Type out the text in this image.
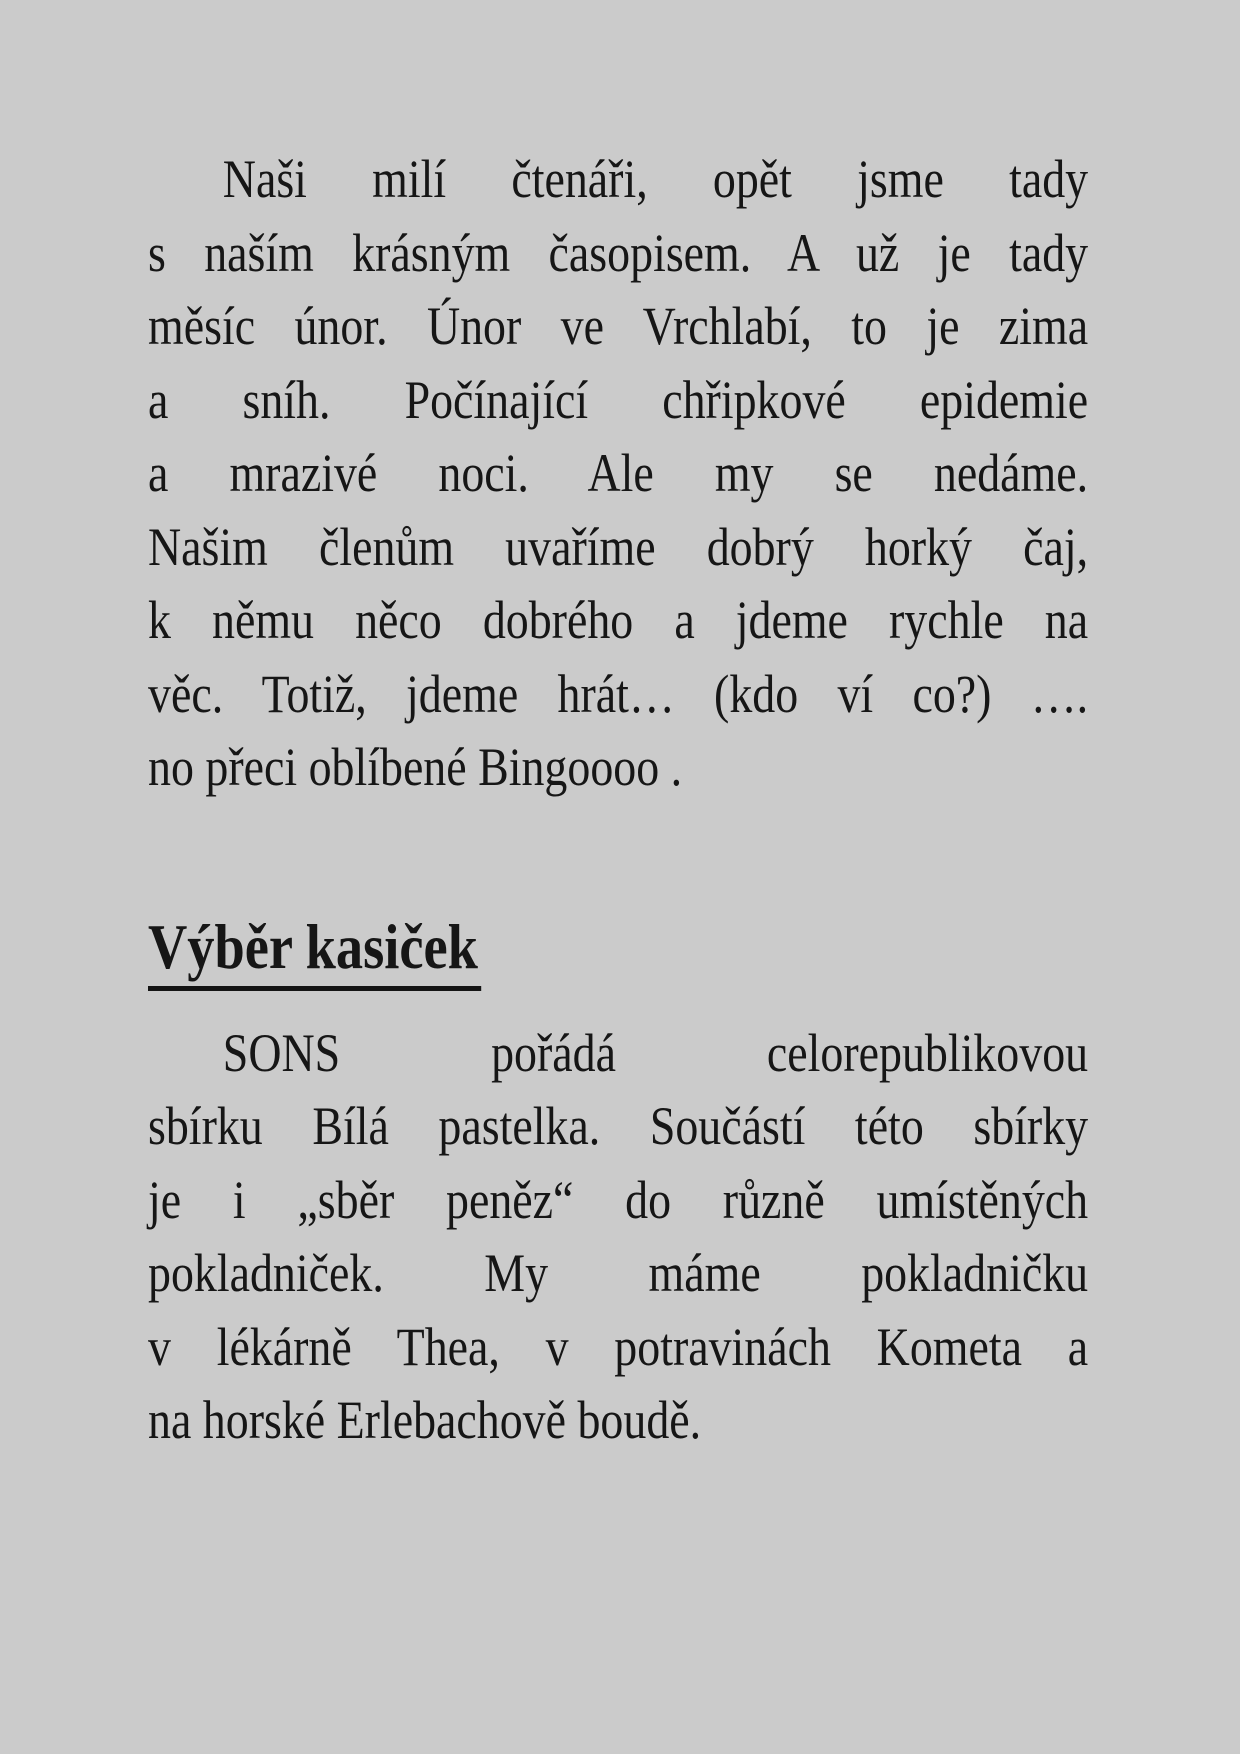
Naši milí čtenáři, opět jsme tady
s naším krásným časopisem. A už je tady
měsíc únor. Únor ve Vrchlabí, to je zima
a sníh. Počínající chřipkové epidemie
a mrazivé noci. Ale my se nedáme.
Našim členům uvaříme dobrý horký čaj,
k němu něco dobrého a jdeme rychle na
věc. Totiž, jdeme hrát… (kdo ví co?) ….
no přeci oblíbené Bingoooo .
Výběr kasiček
SONS pořádá celorepublikovou
sbírku Bílá pastelka. Součástí této sbírky
je i „sběr peněz“ do různě umístěných
pokladniček. My máme pokladničku
v lékárně Thea, v potravinách Kometa a
na horské Erlebachově boudě.
